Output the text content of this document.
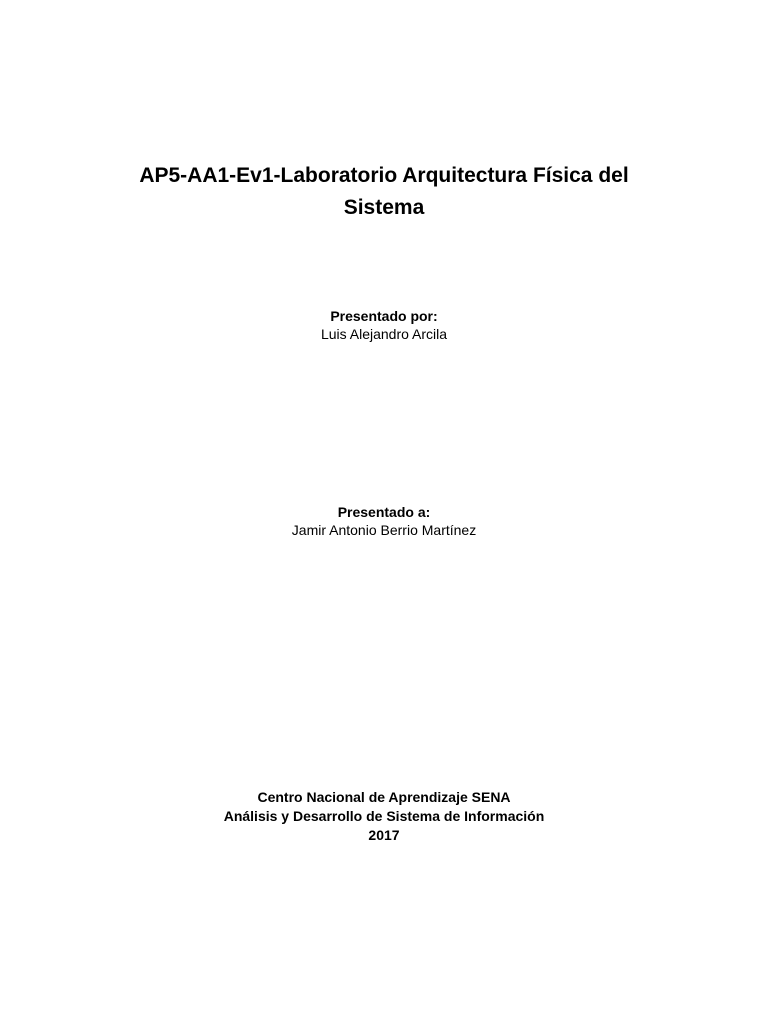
AP5-AA1-Ev1-Laboratorio Arquitectura Física del
Sistema
Presentado por:
Luis Alejandro Arcila
Presentado a:
Jamir Antonio Berrio Martínez
Centro Nacional de Aprendizaje SENA
Análisis y Desarrollo de Sistema de Información
2017
